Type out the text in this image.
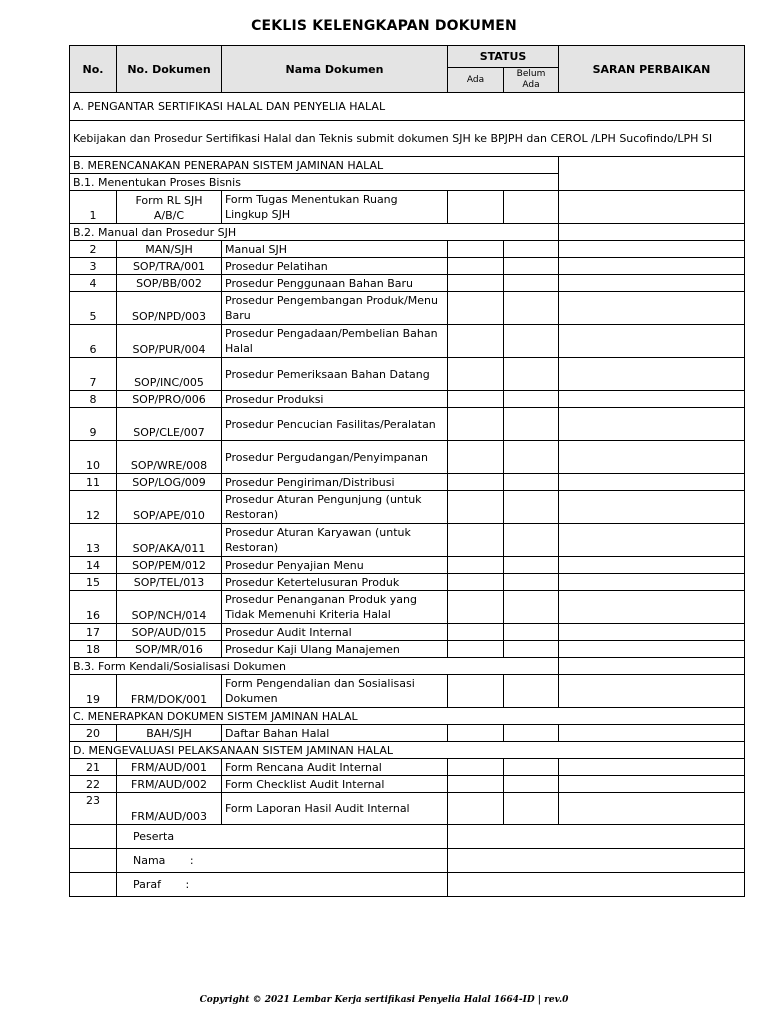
CEKLIS KELENGKAPAN DOKUMEN
No.	No. Dokumen	Nama Dokumen	STATUS		SARAN PERBAIKAN
			Ada	Belum Ada	
A. PENGANTAR SERTIFIKASI HALAL DAN PENYELIA HALAL					
Kebijakan dan Prosedur Sertifikasi Halal dan Teknis submit dokumen SJH ke BPJPH dan CEROL /LPH Sucofindo/LPH SI					
B. MERENCANAKAN PENERAPAN SISTEM JAMINAN HALAL					
B.1. Menentukan Proses Bisnis					
1	Form RL SJH A/B/C	Form Tugas Menentukan Ruang Lingkup SJH			
B.2. Manual dan Prosedur SJH					
2	MAN/SJH	Manual SJH			
3	SOP/TRA/001	Prosedur Pelatihan			
4	SOP/BB/002	Prosedur Penggunaan Bahan Baru			
5	SOP/NPD/003	Prosedur Pengembangan Produk/Menu Baru			
6	SOP/PUR/004	Prosedur Pengadaan/Pembelian Bahan Halal			
7	SOP/INC/005	Prosedur Pemeriksaan Bahan Datang			
8	SOP/PRO/006	Prosedur Produksi			
9	SOP/CLE/007	Prosedur Pencucian Fasilitas/Peralatan			
10	SOP/WRE/008	Prosedur Pergudangan/Penyimpanan			
11	SOP/LOG/009	Prosedur Pengiriman/Distribusi			
12	SOP/APE/010	Prosedur Aturan Pengunjung (untuk Restoran)			
13	SOP/AKA/011	Prosedur Aturan Karyawan (untuk Restoran)			
14	SOP/PEM/012	Prosedur Penyajian Menu			
15	SOP/TEL/013	Prosedur Ketertelusuran Produk			
16	SOP/NCH/014	Prosedur Penanganan Produk yang Tidak Memenuhi Kriteria Halal			
17	SOP/AUD/015	Prosedur Audit Internal			
18	SOP/MR/016	Prosedur Kaji Ulang Manajemen			
B.3. Form Kendali/Sosialisasi Dokumen					
19	FRM/DOK/001	Form Pengendalian dan Sosialisasi Dokumen			
C. MENERAPKAN DOKUMEN SISTEM JAMINAN HALAL					
20	BAH/SJH	Daftar Bahan Halal			
D. MENGEVALUASI PELAKSANAAN SISTEM JAMINAN HALAL					
21	FRM/AUD/001	Form Rencana Audit Internal			
22	FRM/AUD/002	Form Checklist Audit Internal			
23	FRM/AUD/003	Form Laporan Hasil Audit Internal			
	Peserta				
	Nama       :				
	Paraf       :				
Copyright © 2021 Lembar Kerja sertifikasi Penyelia Halal 1664-ID | rev.0
